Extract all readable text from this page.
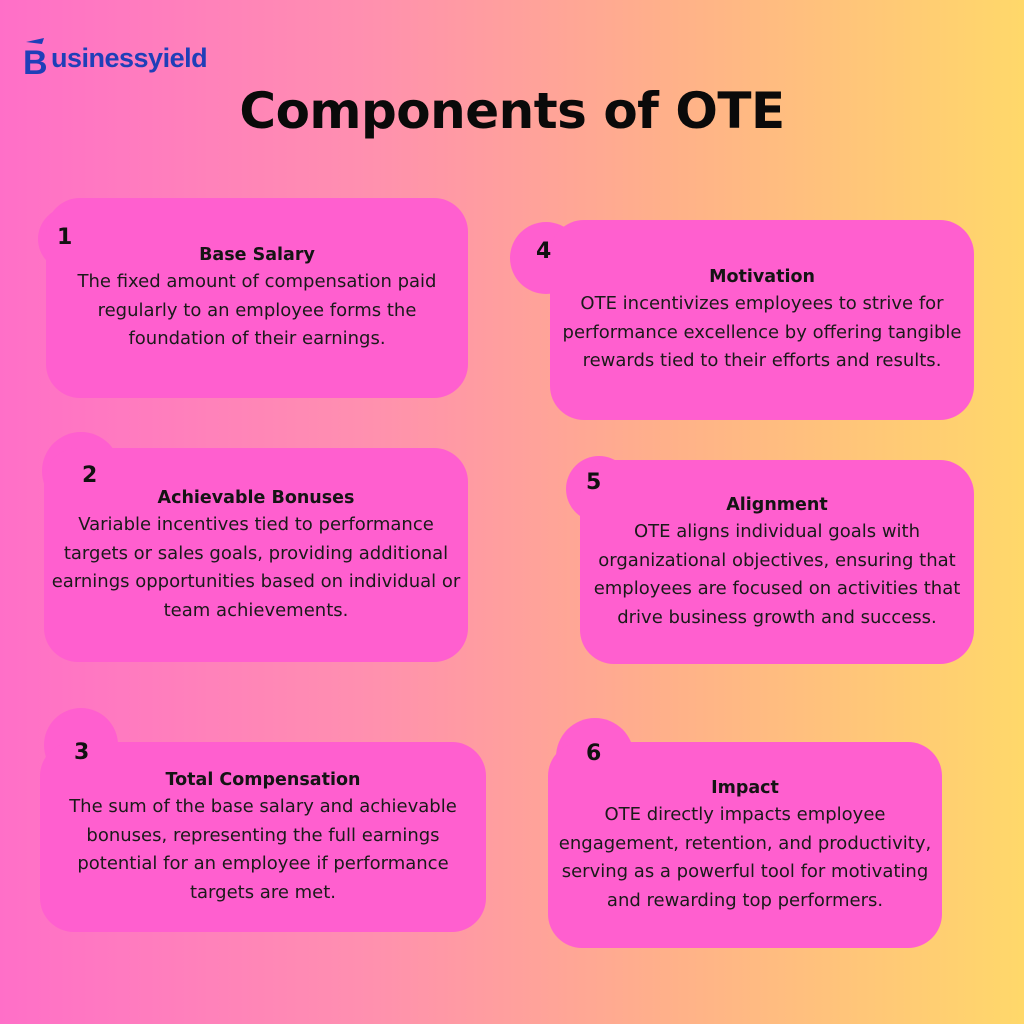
B usinessyield
Components of OTE
Base Salary
The fixed amount of compensation paid regularly to an employee forms the foundation of their earnings.
1
Achievable Bonuses
Variable incentives tied to performance targets or sales goals, providing additional earnings opportunities based on individual or team achievements.
2
Total Compensation
The sum of the base salary and achievable bonuses, representing the full earnings potential for an employee if performance targets are met.
3
Motivation
OTE incentivizes employees to strive for performance excellence by offering tangible rewards tied to their efforts and results.
4
Alignment
OTE aligns individual goals with organizational objectives, ensuring that employees are focused on activities that drive business growth and success.
5
Impact
OTE directly impacts employee engagement, retention, and productivity, serving as a powerful tool for motivating and rewarding top performers.
6
